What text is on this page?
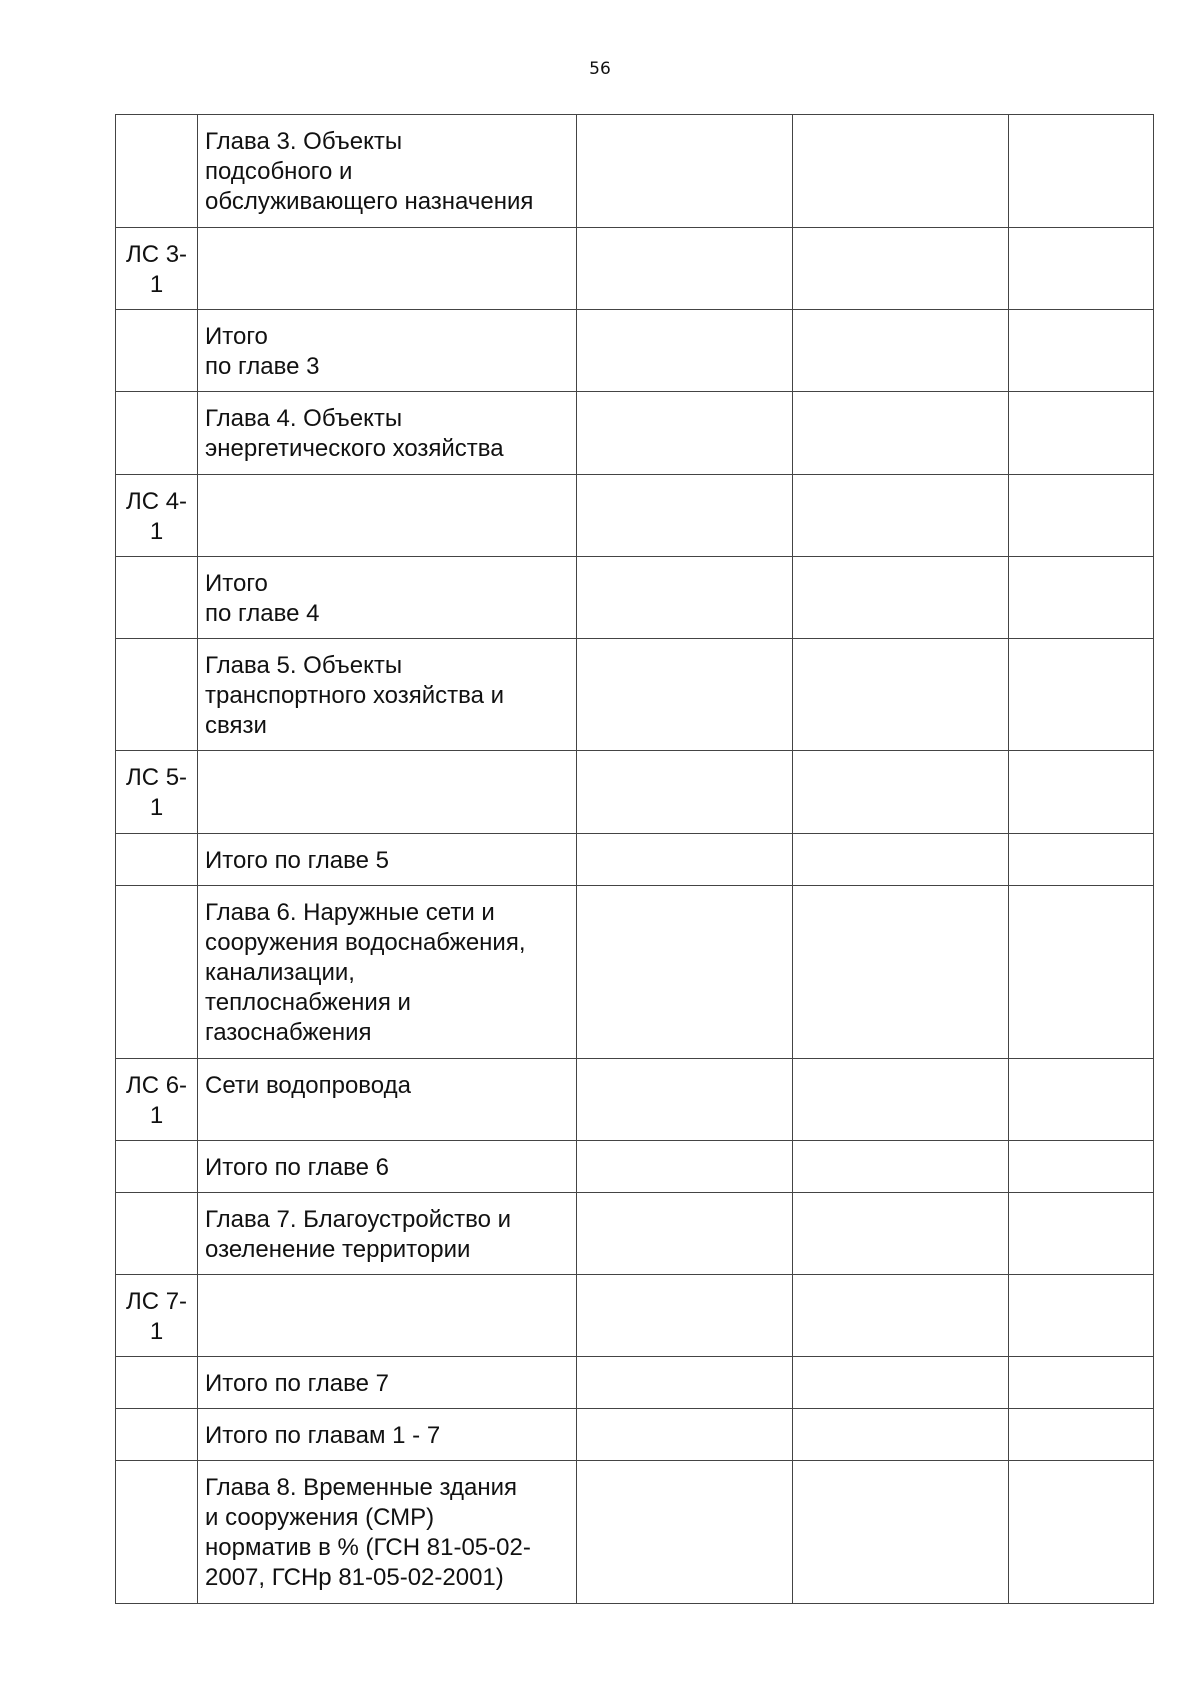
56

	Глава 3. Объекты
подсобного и
обслуживающего назначения			

ЛС 3-
1				

	Итого
по главе 3			

	Глава 4. Объекты
энергетического хозяйства			

ЛС 4-
1				

	Итого
по главе 4			

	Глава 5. Объекты
транспортного хозяйства и
связи			

ЛС 5-
1				

	Итого по главе 5			

	Глава 6. Наружные сети и
сооружения водоснабжения,
канализации,
теплоснабжения и
газоснабжения			

ЛС 6-
1	Сети водопровода			

	Итого по главе 6			

	Глава 7. Благоустройство и
озеленение территории			

ЛС 7-
1				

	Итого по главе 7			

	Итого по главам 1 - 7			

	Глава 8. Временные здания
и сооружения (СМР)
норматив в % (ГСН 81-05-02-
2007, ГСНр 81-05-02-2001)			
